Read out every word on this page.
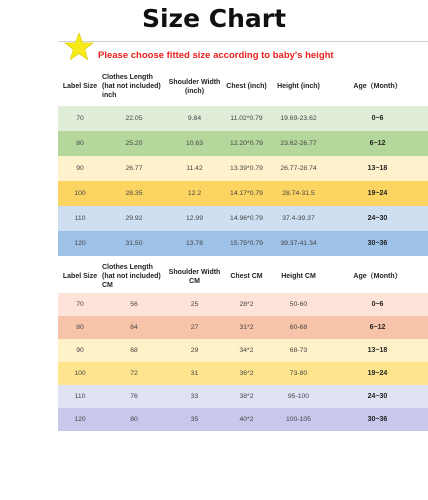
Size Chart
Please choose fitted size according to baby's height
Label Size	Clothes Length (hat not included) inch	Shoulder Width (inch)	Chest (inch)	Height (inch)	Age（Month）
70	22.05	9.84	11.02*0.79	19.69-23.62	0~6
80	25.20	10.63	12.20*0.79	23.62-26.77	6~12
90	26.77	11.42	13.39*0.79	26.77-28.74	13~18
100	28.35	12.2	14.17*0.79	28.74-31.5	19~24
110	29.92	12.99	14.96*0.79	37.4-39.37	24~30
120	31.50	13.78	15.75*0.79	39.37-41.34	30~36
Label Size	Clothes Length (hat not included) CM	Shoulder Width CM	Chest CM	Height CM	Age（Month）
70	56	25	28*2	50-60	0~6
80	64	27	31*2	60-68	6~12
90	68	29	34*2	68-73	13~18
100	72	31	36*2	73-80	19~24
110	76	33	38*2	95-100	24~30
120	80	35	40*2	100-105	30~36
